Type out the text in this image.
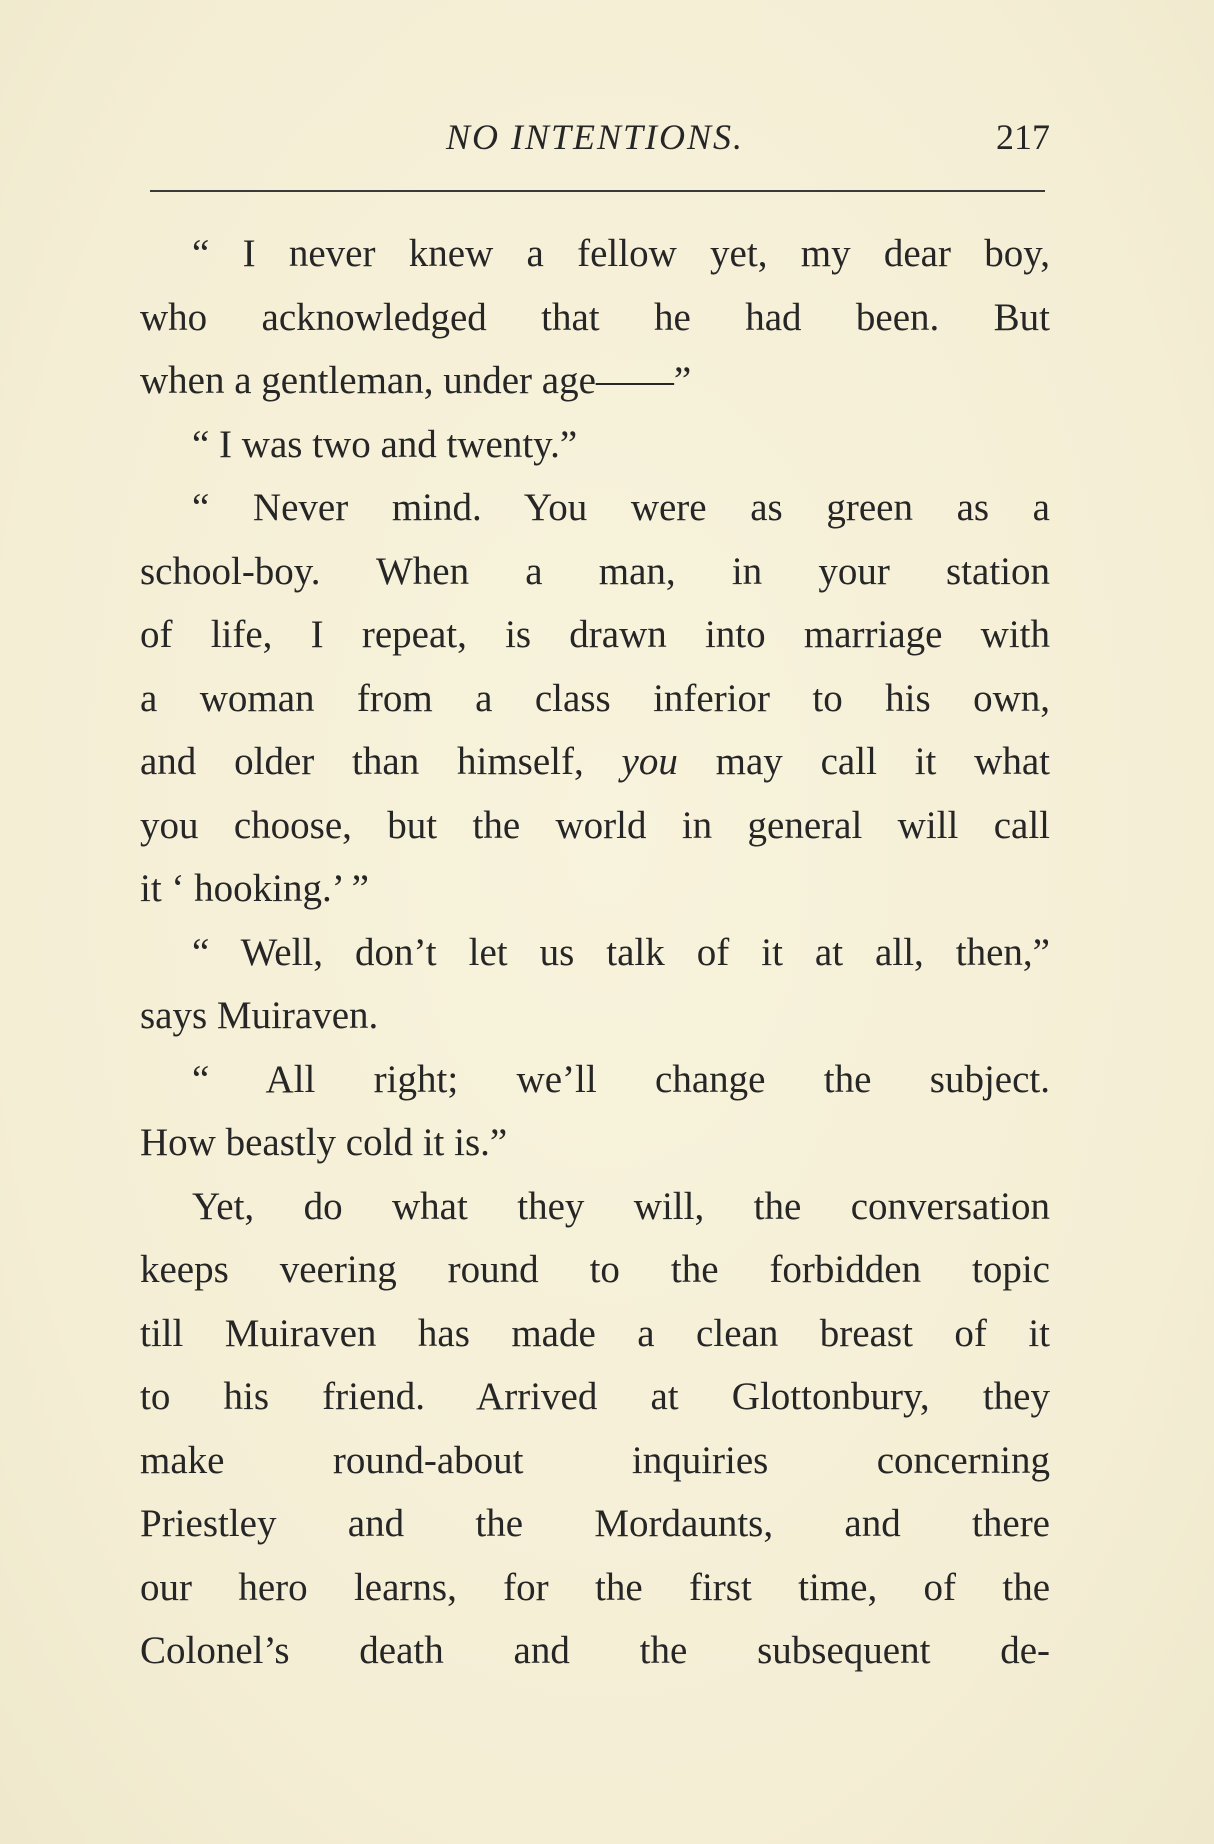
NO INTENTIONS.	217
“ I never knew a fellow yet, my dear boy,
who acknowledged that he had been. But
when a gentleman, under age——”
“ I was two and twenty.”
“ Never mind. You were as green as a
school-boy. When a man, in your station
of life, I repeat, is drawn into marriage with
a woman from a class inferior to his own,
and older than himself, you may call it what
you choose, but the world in general will call
it ‘ hooking.’ ”
“ Well, don’t let us talk of it at all, then,”
says Muiraven.
“ All right; we’ll change the subject.
How beastly cold it is.”
Yet, do what they will, the conversation
keeps veering round to the forbidden topic
till Muiraven has made a clean breast of it
to his friend. Arrived at Glottonbury, they
make round-about inquiries concerning
Priestley and the Mordaunts, and there
our hero learns, for the first time, of the
Colonel’s death and the subsequent de-
